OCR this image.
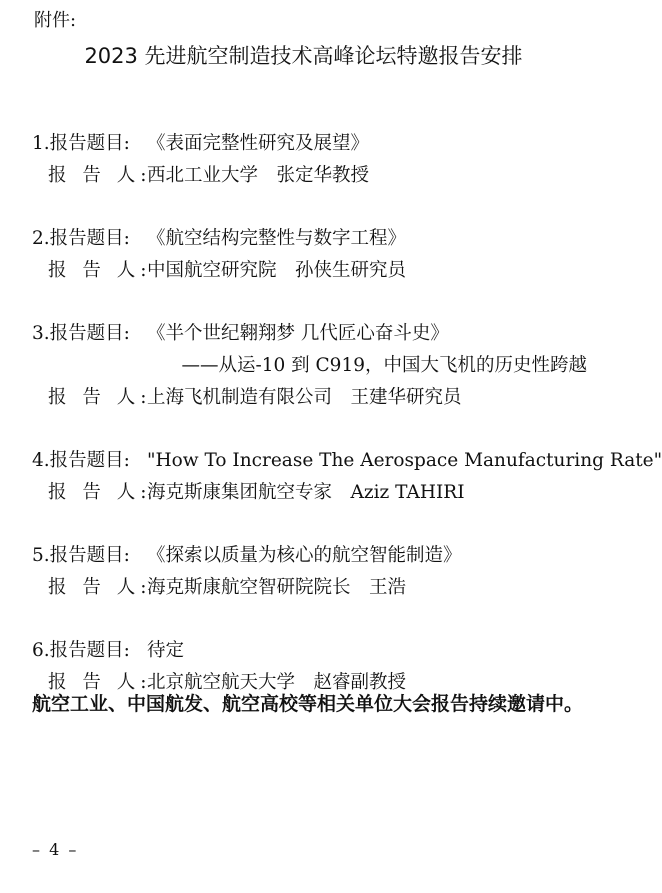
附件:
2023 先进航空制造技术高峰论坛特邀报告安排
1.报告题目: 《表面完整性研究及展望》
报 告 人:
西北工业大学　张定华教授
2.报告题目: 《航空结构完整性与数字工程》
报 告 人:
中国航空研究院　孙侠生研究员
3.报告题目: 《半个世纪翱翔梦 几代匠心奋斗史》
——从运-10 到 C919，中国大飞机的历史性跨越
报 告 人:
上海飞机制造有限公司　王建华研究员
4.报告题目: "How To Increase The Aerospace Manufacturing Rate"
报 告 人:
海克斯康集团航空专家　Aziz TAHIRI
5.报告题目: 《探索以质量为核心的航空智能制造》
报 告 人:
海克斯康航空智研院院长　王浩
6.报告题目: 待定
报 告 人:
北京航空航天大学　赵睿副教授
航空工业、中国航发、航空高校等相关单位大会报告持续邀请中。
– 4 –
